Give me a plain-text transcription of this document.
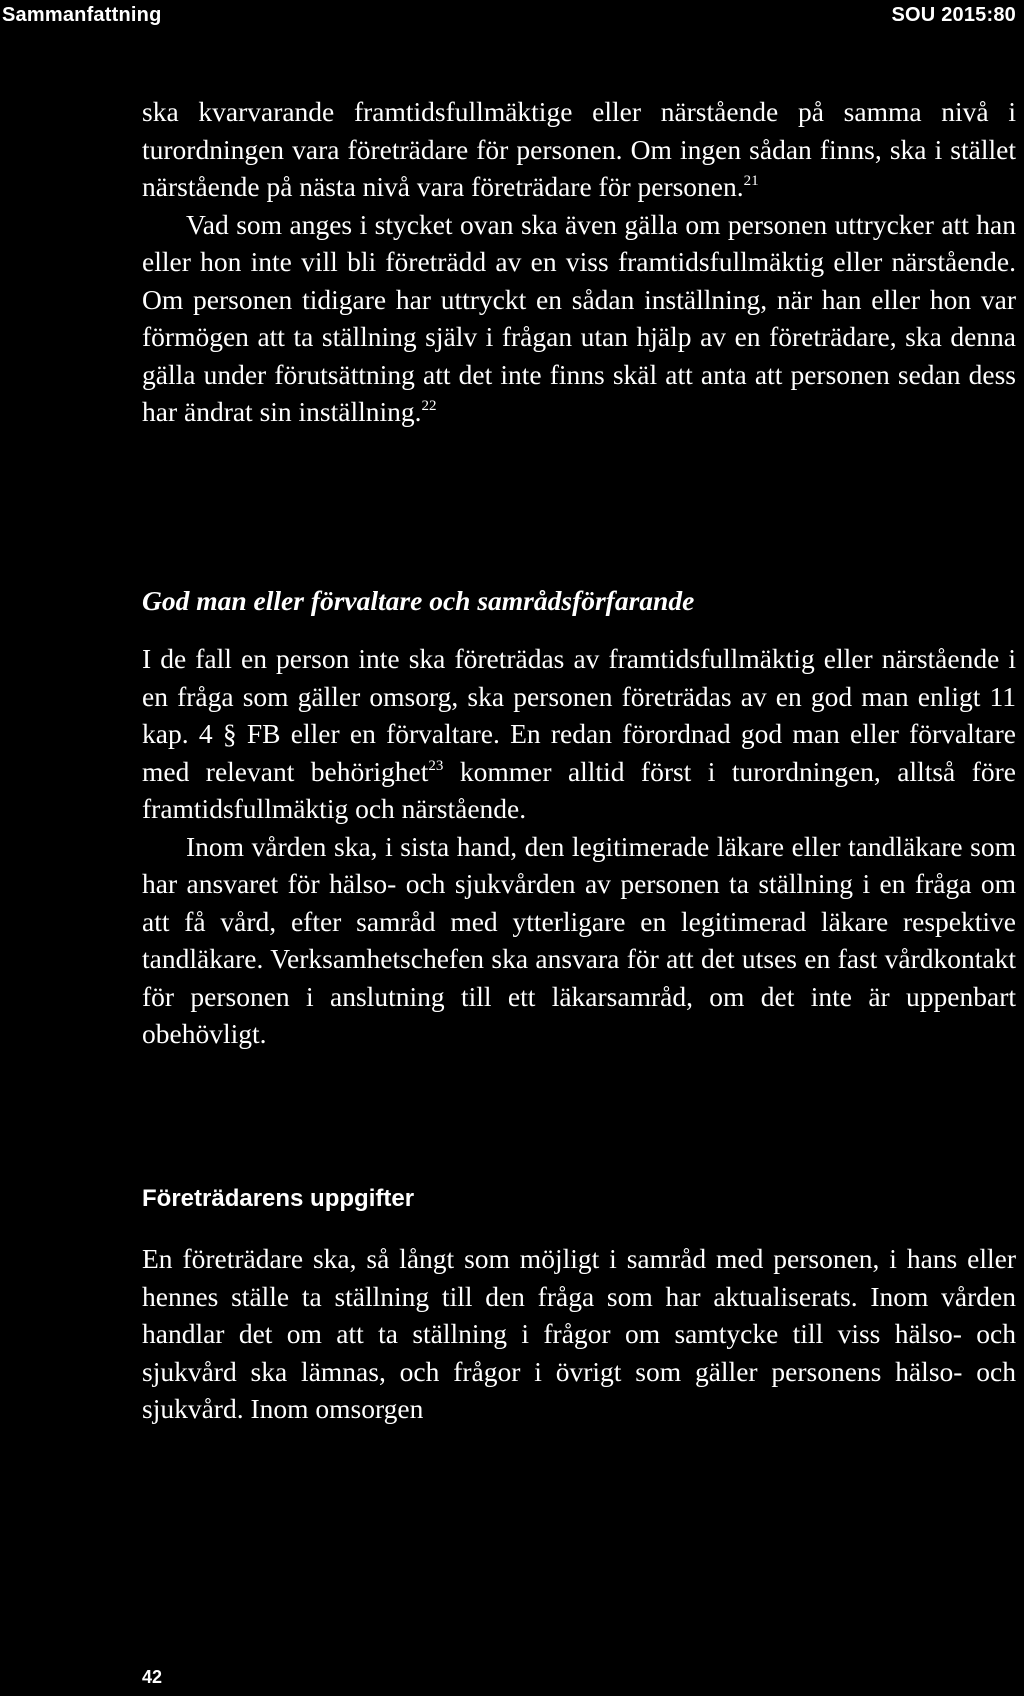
Sammanfattning	SOU 2015:80

ska kvarvarande framtidsfullmäktige eller närstående på samma nivå i turordningen vara företrädare för personen. Om ingen sådan finns, ska i stället närstående på nästa nivå vara företrädare för personen.$^{21}$

Vad som anges i stycket ovan ska även gälla om personen uttrycker att han eller hon inte vill bli företrädd av en viss framtidsfullmäktig eller närstående. Om personen tidigare har uttryckt en sådan inställning, när han eller hon var förmögen att ta ställning själv i frågan utan hjälp av en företrädare, ska denna gälla under förutsättning att det inte finns skäl att anta att personen sedan dess har ändrat sin inställning.$^{22}$

God man eller förvaltare och samrådsförfarande

I de fall en person inte ska företrädas av framtidsfullmäktig eller närstående i en fråga som gäller omsorg, ska personen företrädas av en god man enligt 11 kap. 4 § FB eller en förvaltare. En redan förordnad god man eller förvaltare med relevant behörighet$^{23}$ kommer alltid först i turordningen, alltså före framtidsfullmäktig och närstående.

Inom vården ska, i sista hand, den legitimerade läkare eller tandläkare som har ansvaret för hälso- och sjukvården av personen ta ställning i en fråga om att få vård, efter samråd med ytterligare en legitimerad läkare respektive tandläkare. Verksamhetschefen ska ansvara för att det utses en fast vårdkontakt för personen i anslutning till ett läkarsamråd, om det inte är uppenbart obehövligt.

Företrädarens uppgifter

En företrädare ska, så långt som möjligt i samråd med personen, i hans eller hennes ställe ta ställning till den fråga som har aktualiserats. Inom vården handlar det om att ta ställning i frågor om samtycke till viss hälso- och sjukvård ska lämnas, och frågor i övrigt som gäller personens hälso- och sjukvård. Inom omsorgen

42
